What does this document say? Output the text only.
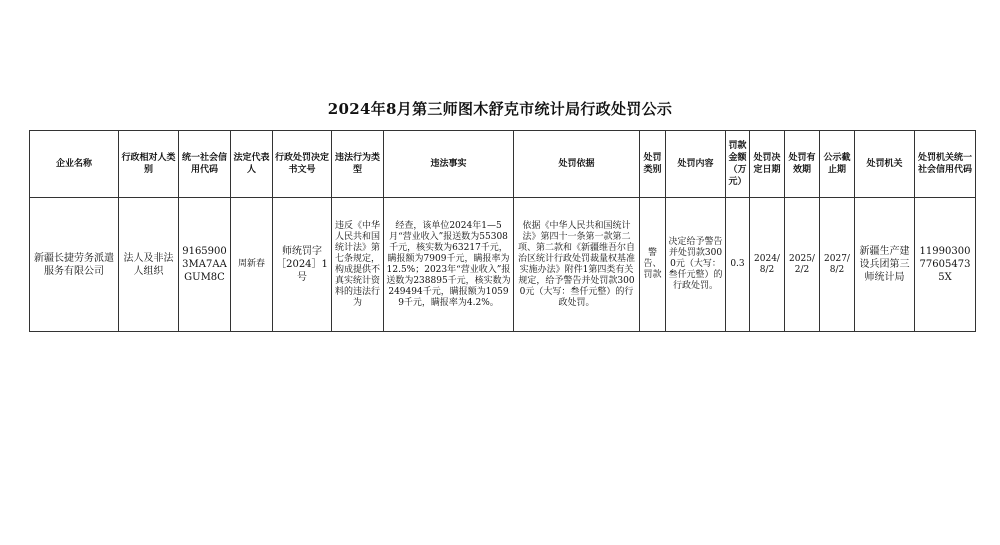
2024年8月第三师图木舒克市统计局行政处罚公示
企业名称	行政相对人类别	统一社会信用代码	法定代表人	行政处罚决定书文号	违法行为类型	违法事实	处罚依据	处罚类别	处罚内容	罚款金额（万元）	处罚决定日期	处罚有效期	公示截止期	处罚机关	处罚机关统一社会信用代码
新疆长捷劳务派遣服务有限公司	法人及非法人组织	91659003MA7AAGUM8C	周新春	师统罚字［2024］1号	违反《中华人民共和国统计法》第七条规定，构成提供不真实统计资料的违法行为	经查，该单位2024年1—5月“营业收入”报送数为55308千元，核实数为63217千元，瞒报额为7909千元，瞒报率为12.5%；2023年“营业收入”报送数为238895千元，核实数为249494千元，瞒报额为10599千元，瞒报率为4.2%。	依据《中华人民共和国统计法》第四十一条第一款第二项、第二款和《新疆维吾尔自治区统计行政处罚裁量权基准实施办法》附件1第四类有关规定，给予警告并处罚款3000元（大写：叁仟元整）的行政处罚。	警告、罚款	决定给予警告并处罚款3000元（大写：叁仟元整）的行政处罚。	0.3	2024/8/2	2025/2/2	2027/8/2	新疆生产建设兵团第三师统计局	11990300776054735X
